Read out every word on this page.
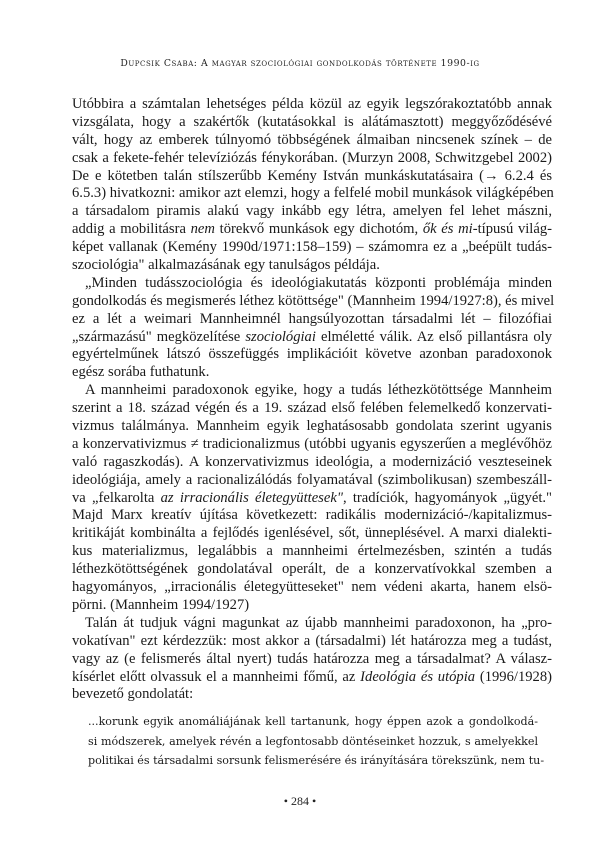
Dupcsik Csaba: A magyar szociológiai gondolkodás története 1990-ig
Utóbbira a számtalan lehetséges példa közül az egyik legszórakoztatóbb annak
vizsgálata, hogy a szakértők (kutatásokkal is alátámasztott) meggyőződésévé
vált, hogy az emberek túlnyomó többségének álmaiban nincsenek színek – de
csak a fekete-fehér televíziózás fénykorában. (Murzyn 2008, Schwitzgebel 2002)
De e kötetben talán stílszerűbb Kemény István munkáskutatásaira (→ 6.2.4 és
6.5.3) hivatkozni: amikor azt elemzi, hogy a felfelé mobil munkások világképében
a társadalom piramis alakú vagy inkább egy létra, amelyen fel lehet mászni,
addig a mobilitásra nem törekvő munkások egy dichotóm, ők és mi-típusú világ-
képet vallanak (Kemény 1990d/1971:158–159) – számomra ez a „beépült tudás-
szociológia" alkalmazásának egy tanulságos példája.
„Minden tudásszociológia és ideológiakutatás központi problémája minden
gondolkodás és megismerés léthez kötöttsége" (Mannheim 1994/1927:8), és mivel
ez a lét a weimari Mannheimnél hangsúlyozottan társadalmi lét – filozófiai
„származású" megközelítése szociológiai elméletté válik. Az első pillantásra oly
egyértelműnek látszó összefüggés implikációit követve azonban paradoxonok
egész sorába futhatunk.
A mannheimi paradoxonok egyike, hogy a tudás léthezkötöttsége Mannheim
szerint a 18. század végén és a 19. század első felében felemelkedő konzervati-
vizmus találmánya. Mannheim egyik leghatásosabb gondolata szerint ugyanis
a konzervativizmus ≠ tradicionalizmus (utóbbi ugyanis egyszerűen a meglévőhöz
való ragaszkodás). A konzervativizmus ideológia, a modernizáció veszteseinek
ideológiája, amely a racionalizálódás folyamatával (szimbolikusan) szembeszáll-
va „felkarolta az irracionális életegyüttesek", tradíciók, hagyományok „ügyét."
Majd Marx kreatív újítása következett: radikális modernizáció-/kapitalizmus-
kritikáját kombinálta a fejlődés igenlésével, sőt, ünneplésével. A marxi dialekti-
kus materializmus, legalábbis a mannheimi értelmezésben, szintén a tudás
léthezkötöttségének gondolatával operált, de a konzervatívokkal szemben a
hagyományos, „irracionális életegyütteseket" nem védeni akarta, hanem elsö-
pörni. (Mannheim 1994/1927)
Talán át tudjuk vágni magunkat az újabb mannheimi paradoxonon, ha „pro-
vokatívan" ezt kérdezzük: most akkor a (társadalmi) lét határozza meg a tudást,
vagy az (e felismerés által nyert) tudás határozza meg a társadalmat? A válasz-
kísérlet előtt olvassuk el a mannheimi főmű, az Ideológia és utópia (1996/1928)
bevezető gondolatát:
...korunk egyik anomáliájának kell tartanunk, hogy éppen azok a gondolkodá-
si módszerek, amelyek révén a legfontosabb döntéseinket hozzuk, s amelyekkel
politikai és társadalmi sorsunk felismerésére és irányítására törekszünk, nem tu-
• 284 •
